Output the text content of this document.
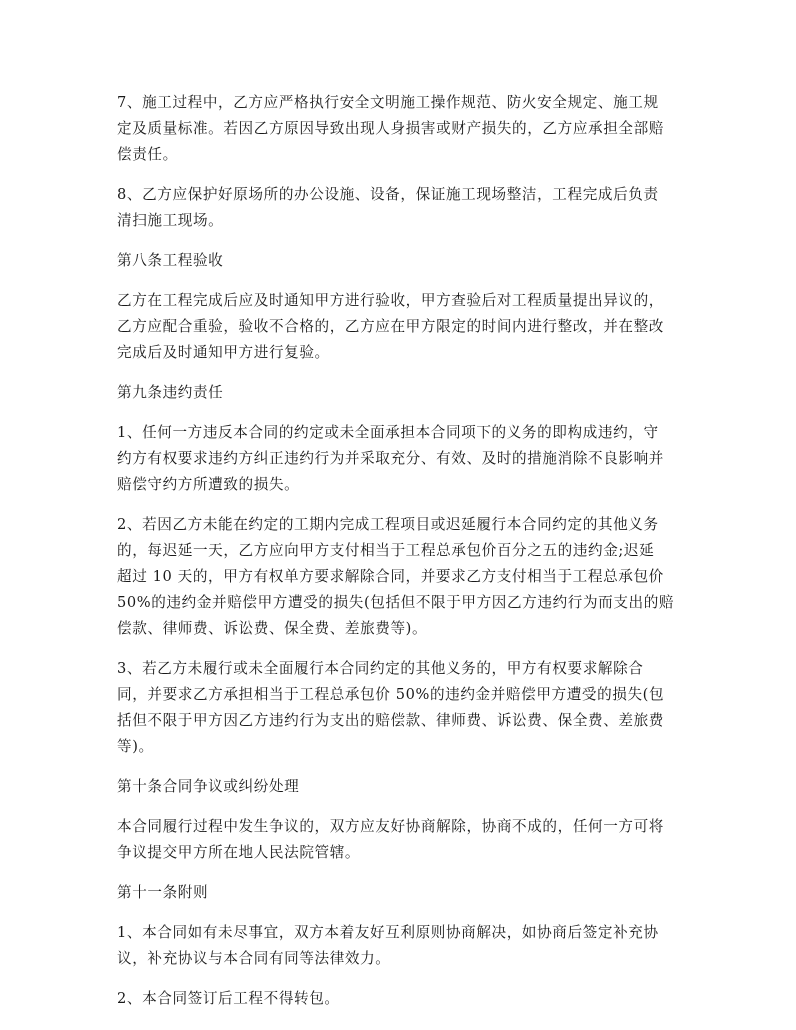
7、施工过程中，乙方应严格执行安全文明施工操作规范、防火安全规定、施工规
定及质量标准。若因乙方原因导致出现人身损害或财产损失的，乙方应承担全部赔
偿责任。

8、乙方应保护好原场所的办公设施、设备，保证施工现场整洁，工程完成后负责
清扫施工现场。

第八条工程验收

乙方在工程完成后应及时通知甲方进行验收，甲方查验后对工程质量提出异议的，
乙方应配合重验，验收不合格的，乙方应在甲方限定的时间内进行整改，并在整改
完成后及时通知甲方进行复验。

第九条违约责任

1、任何一方违反本合同的约定或未全面承担本合同项下的义务的即构成违约，守
约方有权要求违约方纠正违约行为并采取充分、有效、及时的措施消除不良影响并
赔偿守约方所遭致的损失。

2、若因乙方未能在约定的工期内完成工程项目或迟延履行本合同约定的其他义务
的，每迟延一天，乙方应向甲方支付相当于工程总承包价百分之五的违约金;迟延
超过 10 天的，甲方有权单方要求解除合同，并要求乙方支付相当于工程总承包价
50%的违约金并赔偿甲方遭受的损失(包括但不限于甲方因乙方违约行为而支出的赔
偿款、律师费、诉讼费、保全费、差旅费等)。

3、若乙方未履行或未全面履行本合同约定的其他义务的，甲方有权要求解除合
同，并要求乙方承担相当于工程总承包价 50%的违约金并赔偿甲方遭受的损失(包
括但不限于甲方因乙方违约行为支出的赔偿款、律师费、诉讼费、保全费、差旅费
等)。

第十条合同争议或纠纷处理

本合同履行过程中发生争议的，双方应友好协商解除，协商不成的，任何一方可将
争议提交甲方所在地人民法院管辖。

第十一条附则

1、本合同如有未尽事宜，双方本着友好互利原则协商解决，如协商后签定补充协
议，补充协议与本合同有同等法律效力。

2、本合同签订后工程不得转包。
